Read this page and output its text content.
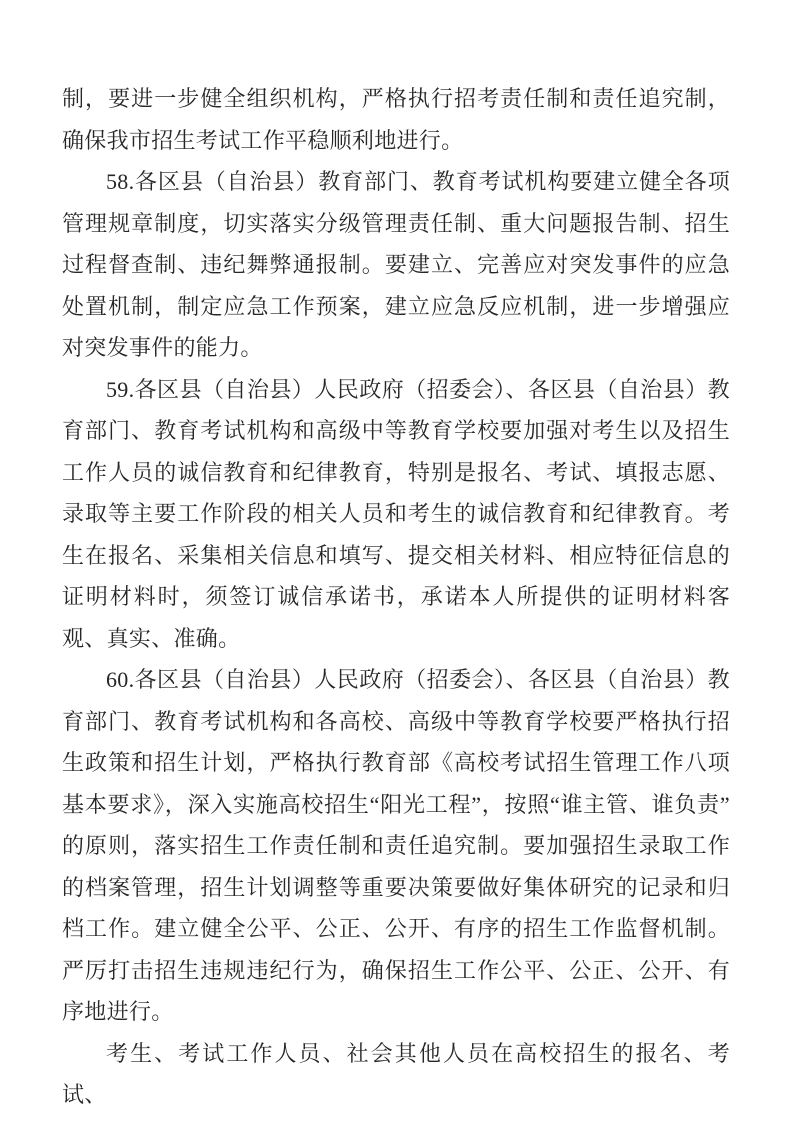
制，要进一步健全组织机构，严格执行招考责任制和责任追究制，确保我市招生考试工作平稳顺利地进行。

58.各区县（自治县）教育部门、教育考试机构要建立健全各项管理规章制度，切实落实分级管理责任制、重大问题报告制、招生过程督查制、违纪舞弊通报制。要建立、完善应对突发事件的应急处置机制，制定应急工作预案，建立应急反应机制，进一步增强应对突发事件的能力。

59.各区县（自治县）人民政府（招委会）、各区县（自治县）教育部门、教育考试机构和高级中等教育学校要加强对考生以及招生工作人员的诚信教育和纪律教育，特别是报名、考试、填报志愿、录取等主要工作阶段的相关人员和考生的诚信教育和纪律教育。考生在报名、采集相关信息和填写、提交相关材料、相应特征信息的证明材料时，须签订诚信承诺书，承诺本人所提供的证明材料客观、真实、准确。

60.各区县（自治县）人民政府（招委会）、各区县（自治县）教育部门、教育考试机构和各高校、高级中等教育学校要严格执行招生政策和招生计划，严格执行教育部《高校考试招生管理工作八项基本要求》，深入实施高校招生“阳光工程”，按照“谁主管、谁负责”的原则，落实招生工作责任制和责任追究制。要加强招生录取工作的档案管理，招生计划调整等重要决策要做好集体研究的记录和归档工作。建立健全公平、公正、公开、有序的招生工作监督机制。严厉打击招生违规违纪行为，确保招生工作公平、公正、公开、有序地进行。

考生、考试工作人员、社会其他人员在高校招生的报名、考试、
